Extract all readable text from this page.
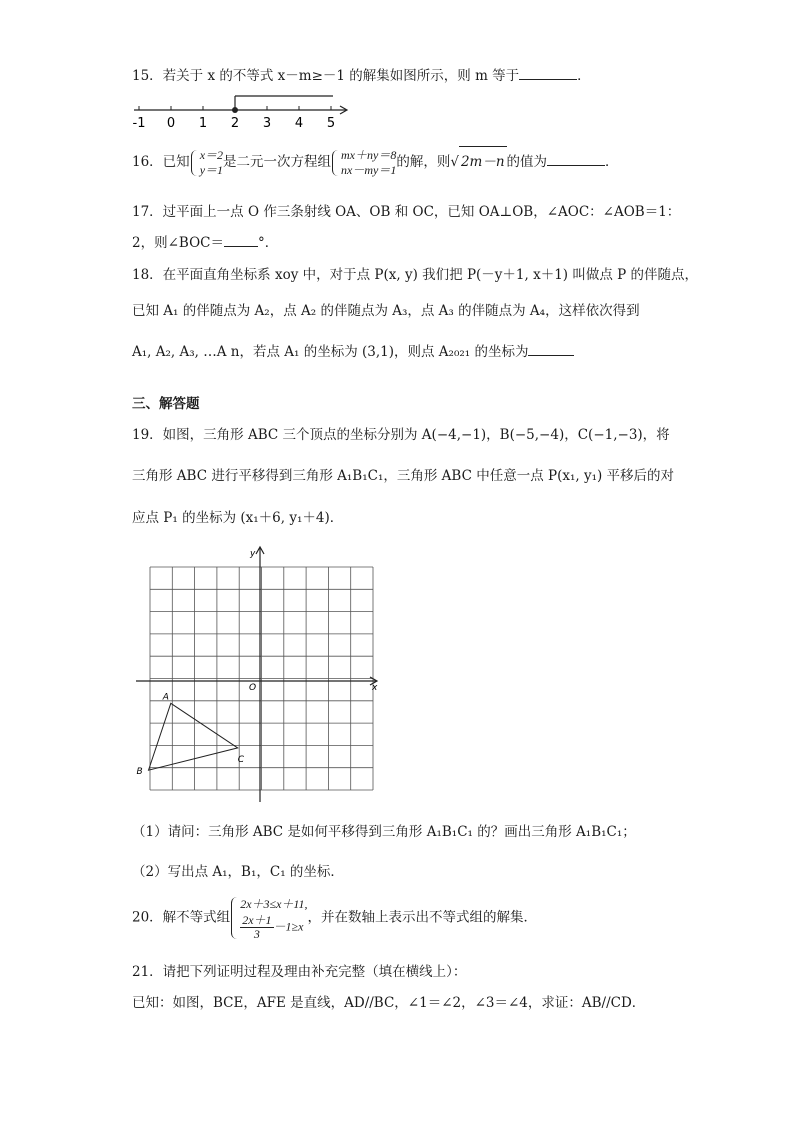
15．若关于 x 的不等式 x－m≥－1 的解集如图所示，则 m 等于	．
-1 0 1 2 3 4 5
16．已知 x＝2
y＝1是二元一次方程组 mx＋ny＝8
nx－my＝1的解，则√ 2m－n 的值为	．
17．过平面上一点 O 作三条射线 OA、OB 和 OC，已知 OA⊥OB，∠AOC：∠AOB＝1：
2，则∠BOC＝	°．
18．在平面直角坐标系 xoy 中，对于点 P(x, y) 我们把 P(－y＋1, x＋1) 叫做点 P 的伴随点，
已知 A₁ 的伴随点为 A₂，点 A₂ 的伴随点为 A₃，点 A₃ 的伴随点为 A₄，这样依次得到
A₁, A₂, A₃, …A n，若点 A₁ 的坐标为 (3,1)，则点 A₂₀₂₁ 的坐标为
三、解答题
19．如图，三角形 ABC 三个顶点的坐标分别为 A(−4,−1)，B(−5,−4)，C(−1,−3)，将
三角形 ABC 进行平移得到三角形 A₁B₁C₁，三角形 ABC 中任意一点 P(x₁, y₁) 平移后的对
应点 P₁ 的坐标为 (x₁＋6, y₁＋4)．
x
y
O
A
B
C
（1）请问：三角形 ABC 是如何平移得到三角形 A₁B₁C₁ 的？画出三角形 A₁B₁C₁；
（2）写出点 A₁，B₁，C₁ 的坐标．
20．解不等式组2x＋3≤x＋11,
$\frac{2x+1}{3}-1\ge x$，并在数轴上表示出不等式组的解集．
21．请把下列证明过程及理由补充完整（填在横线上）：
已知：如图，BCE，AFE 是直线，AD//BC，∠1＝∠2，∠3＝∠4，求证：AB//CD．
